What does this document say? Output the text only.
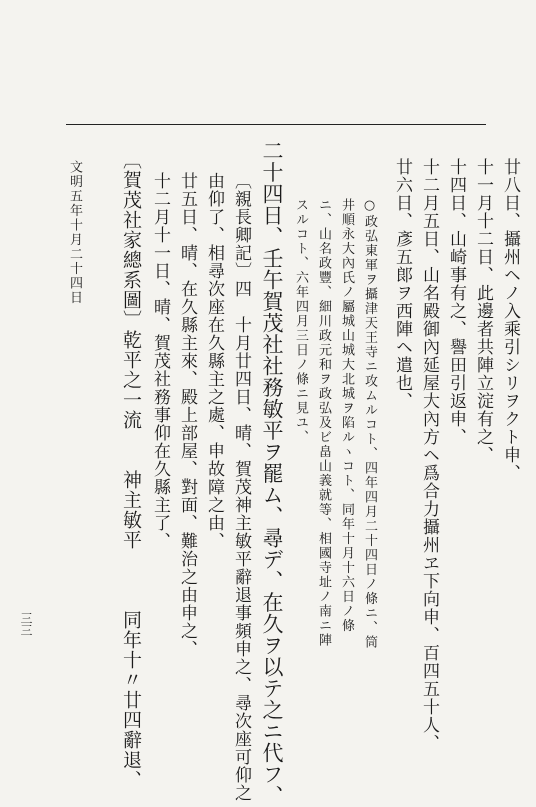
廿八日、攝州ヘノ入乘引シリヲクト申、
十一月十二日、此邊者共陣立淀有之、
十四日、山崎事有之、譽田引返申、
十二月五日、山名殿御內延屋大內方ヘ爲合力攝州ヱ下向申、百四五十人、
廿六日、彥五郞ヲ西陣ヘ遣也、
○政弘東軍ヲ攝津天王寺ニ攻ムルコト、四年四月二十四日ノ條ニ、筒
井順永大內氏ノ屬城山城大北城ヲ陷ルヽコト、同年十月十六日ノ條
ニ、山名政豐、細川政元和ヲ政弘及ビ畠山義就等、相國寺址ノ南ニ陣
スルコト、六年四月三日ノ條ニ見ユ、
二十四日、壬午賀茂社社務敏平ヲ罷ム、尋デ、在久ヲ以テ之ニ代フ、
〔親長卿記〕四　十月廿四日、晴、賀茂神主敏平辭退事頻申之、尋次座可仰之
由仰了、相尋次座在久縣主之處、申故障之由、
廿五日、晴、在久縣主來、殿上部屋、對面、難治之由申之、
十二月十一日、晴、賀茂社務事仰在久縣主了、
〔賀茂社家總系圖〕乾平之一流　　神主敏平　　　同年十〃廿四辭退、
文明五年十月二十四日
三三
